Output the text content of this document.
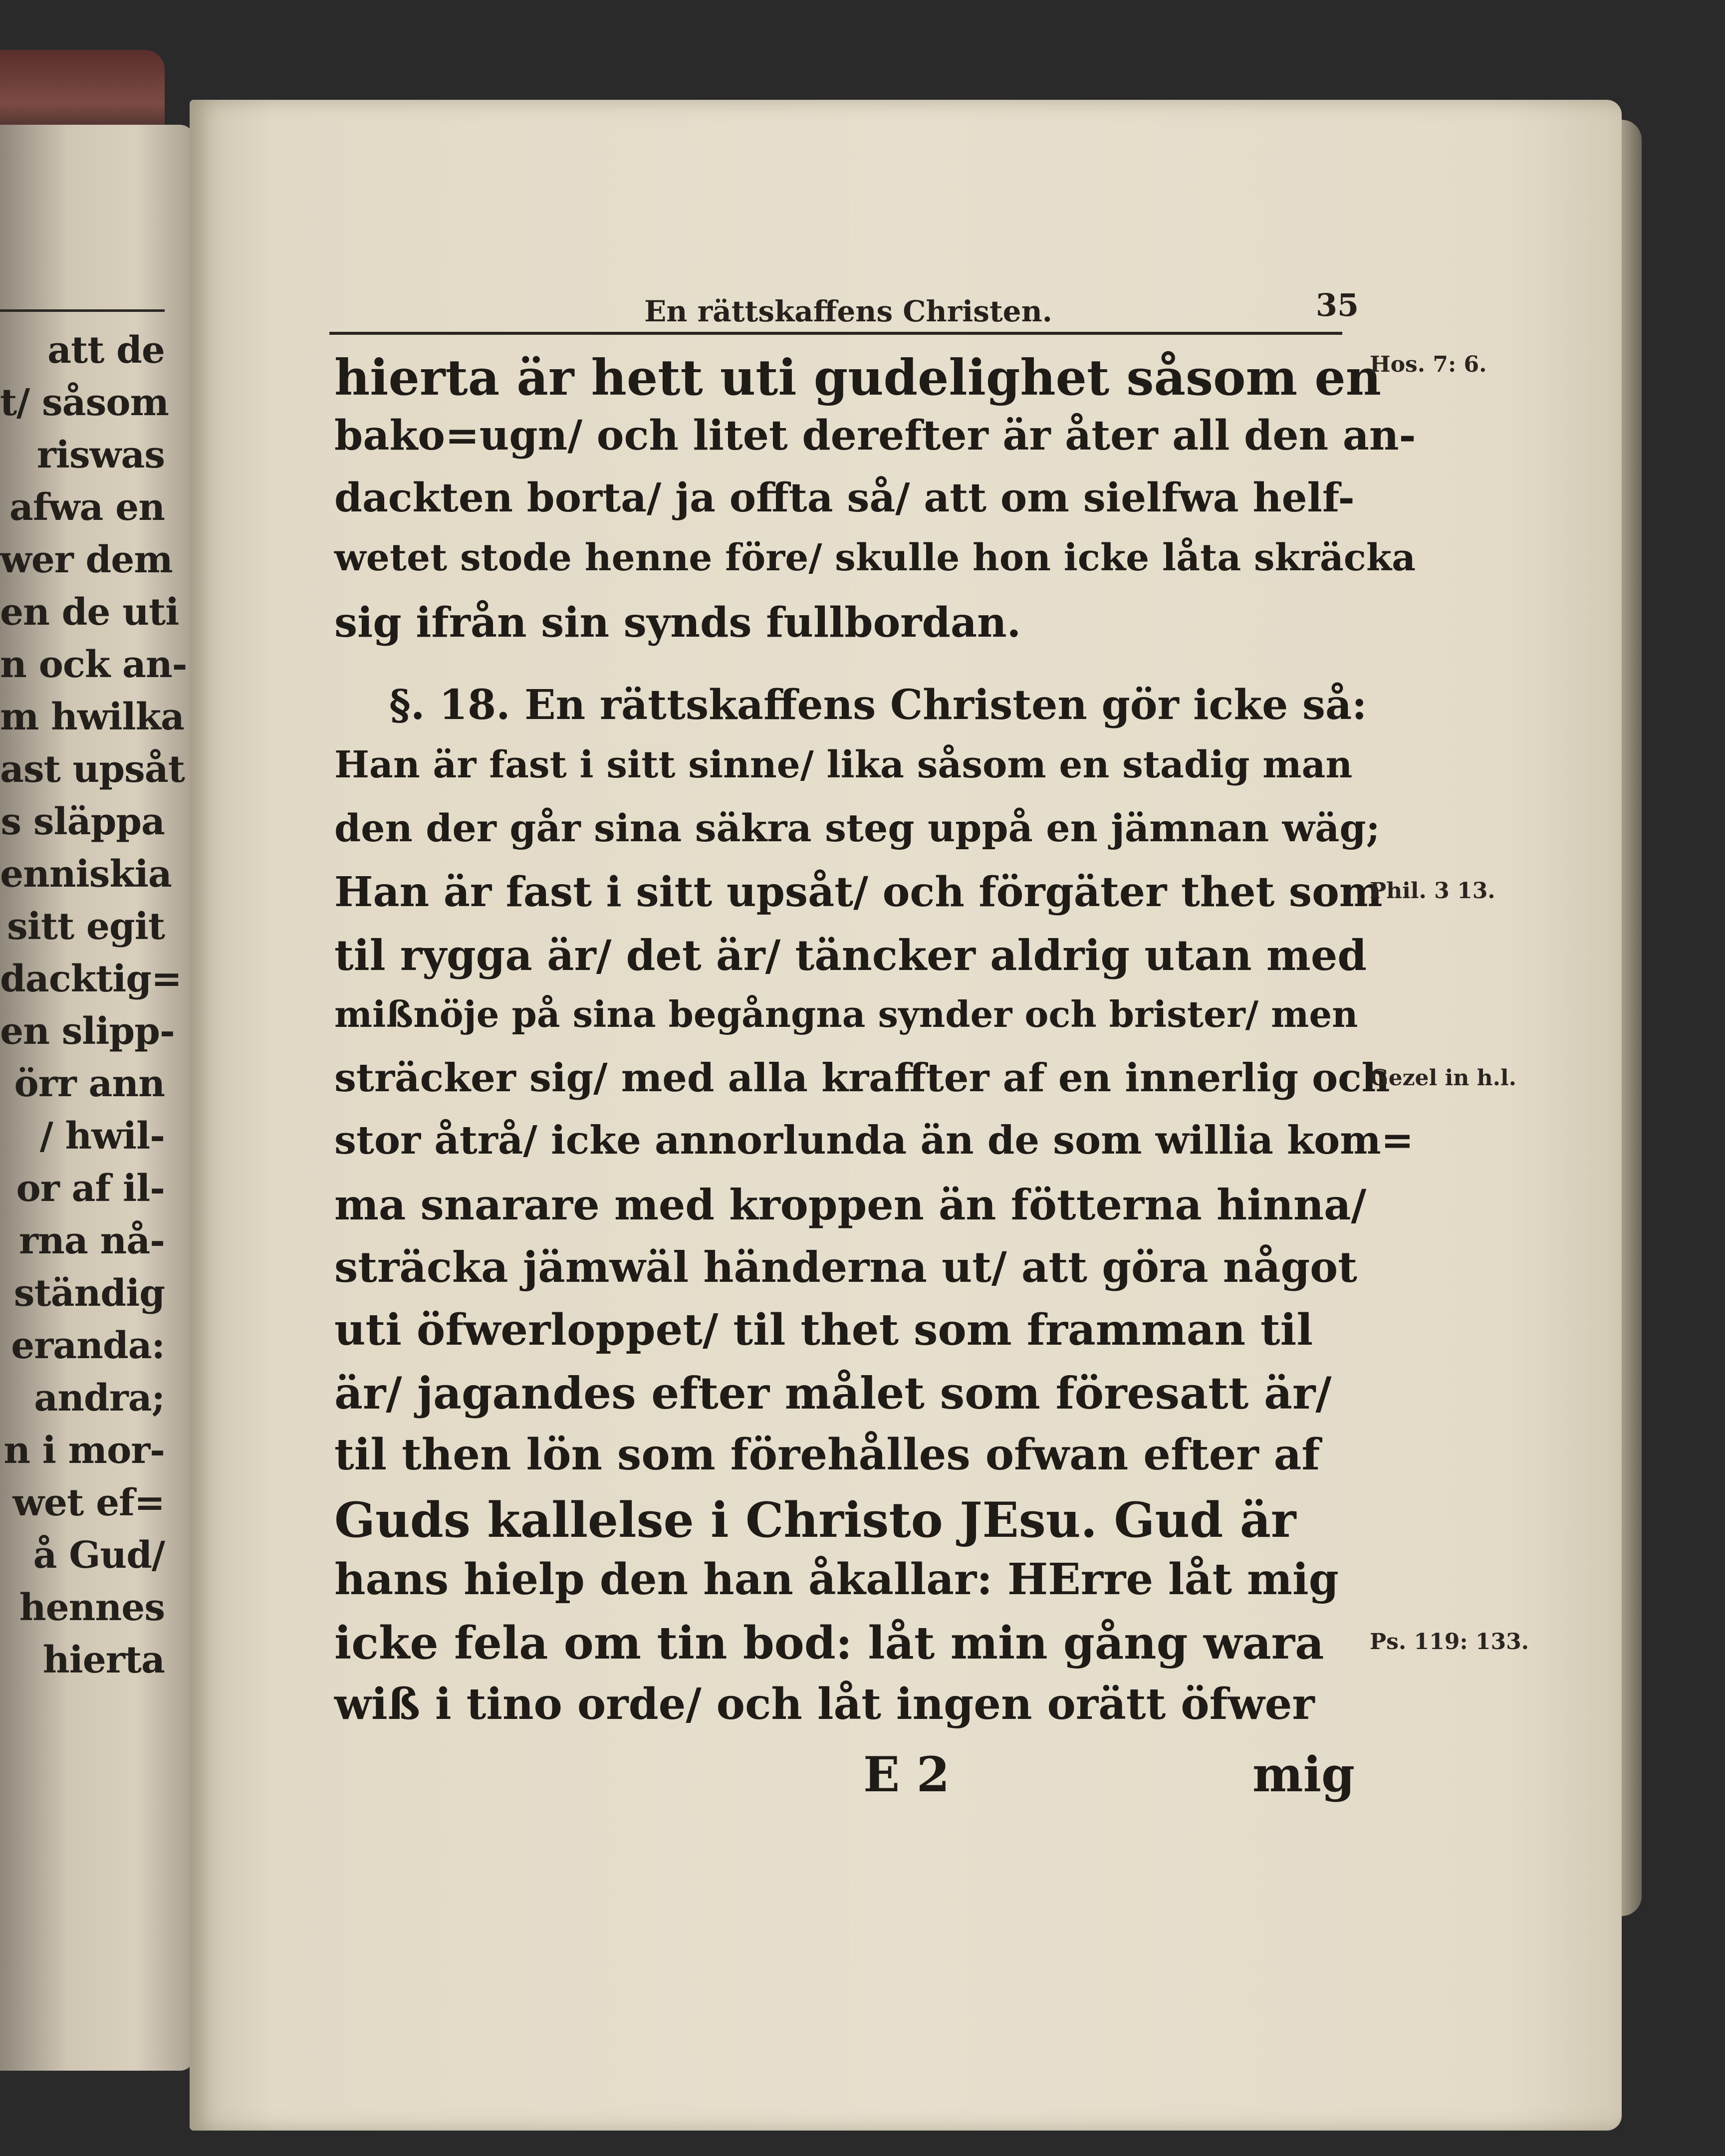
att de
t/ såsom
riswas
afwa en
wer dem
en de uti
n ock an-
m hwilka
ast upsåt
s släppa
enniskia
sitt egit
dacktig=
en slipp-
örr ann
/ hwil-
or af il-
rna nå-
ständig
eranda:
andra;
n i mor-
wet ef=
å Gud/
hennes
hierta
En rättskaffens Christen.	35
hierta är hett uti gudelighet såsom en
bako=ugn/ och litet derefter är åter all den an-
dackten borta/ ja offta så/ att om sielfwa helf-
wetet stode henne före/ skulle hon icke låta skräcka
sig ifrån sin synds fullbordan.
§. 18. En rättskaffens Christen gör icke så:
Han är fast i sitt sinne/ lika såsom en stadig man
den der går sina säkra steg uppå en jämnan wäg;
Han är fast i sitt upsåt/ och förgäter thet som
til rygga är/ det är/ täncker aldrig utan med
mißnöje på sina begångna synder och brister/ men
sträcker sig/ med alla kraffter af en innerlig och
stor åtrå/ icke annorlunda än de som willia kom=
ma snarare med kroppen än fötterna hinna/
sträcka jämwäl händerna ut/ att göra något
uti öfwerloppet/ til thet som framman til
är/ jagandes efter målet som föresatt är/
til then lön som förehålles ofwan efter af
Guds kallelse i Christo JEsu. Gud är
hans hielp den han åkallar: HErre låt mig
icke fela om tin bod: låt min gång wara
wiß i tino orde/ och låt ingen orätt öfwer
E 2	mig
Hos. 7: 6.
Phil. 3 13.
Gezel in h.l.
Ps. 119: 133.
